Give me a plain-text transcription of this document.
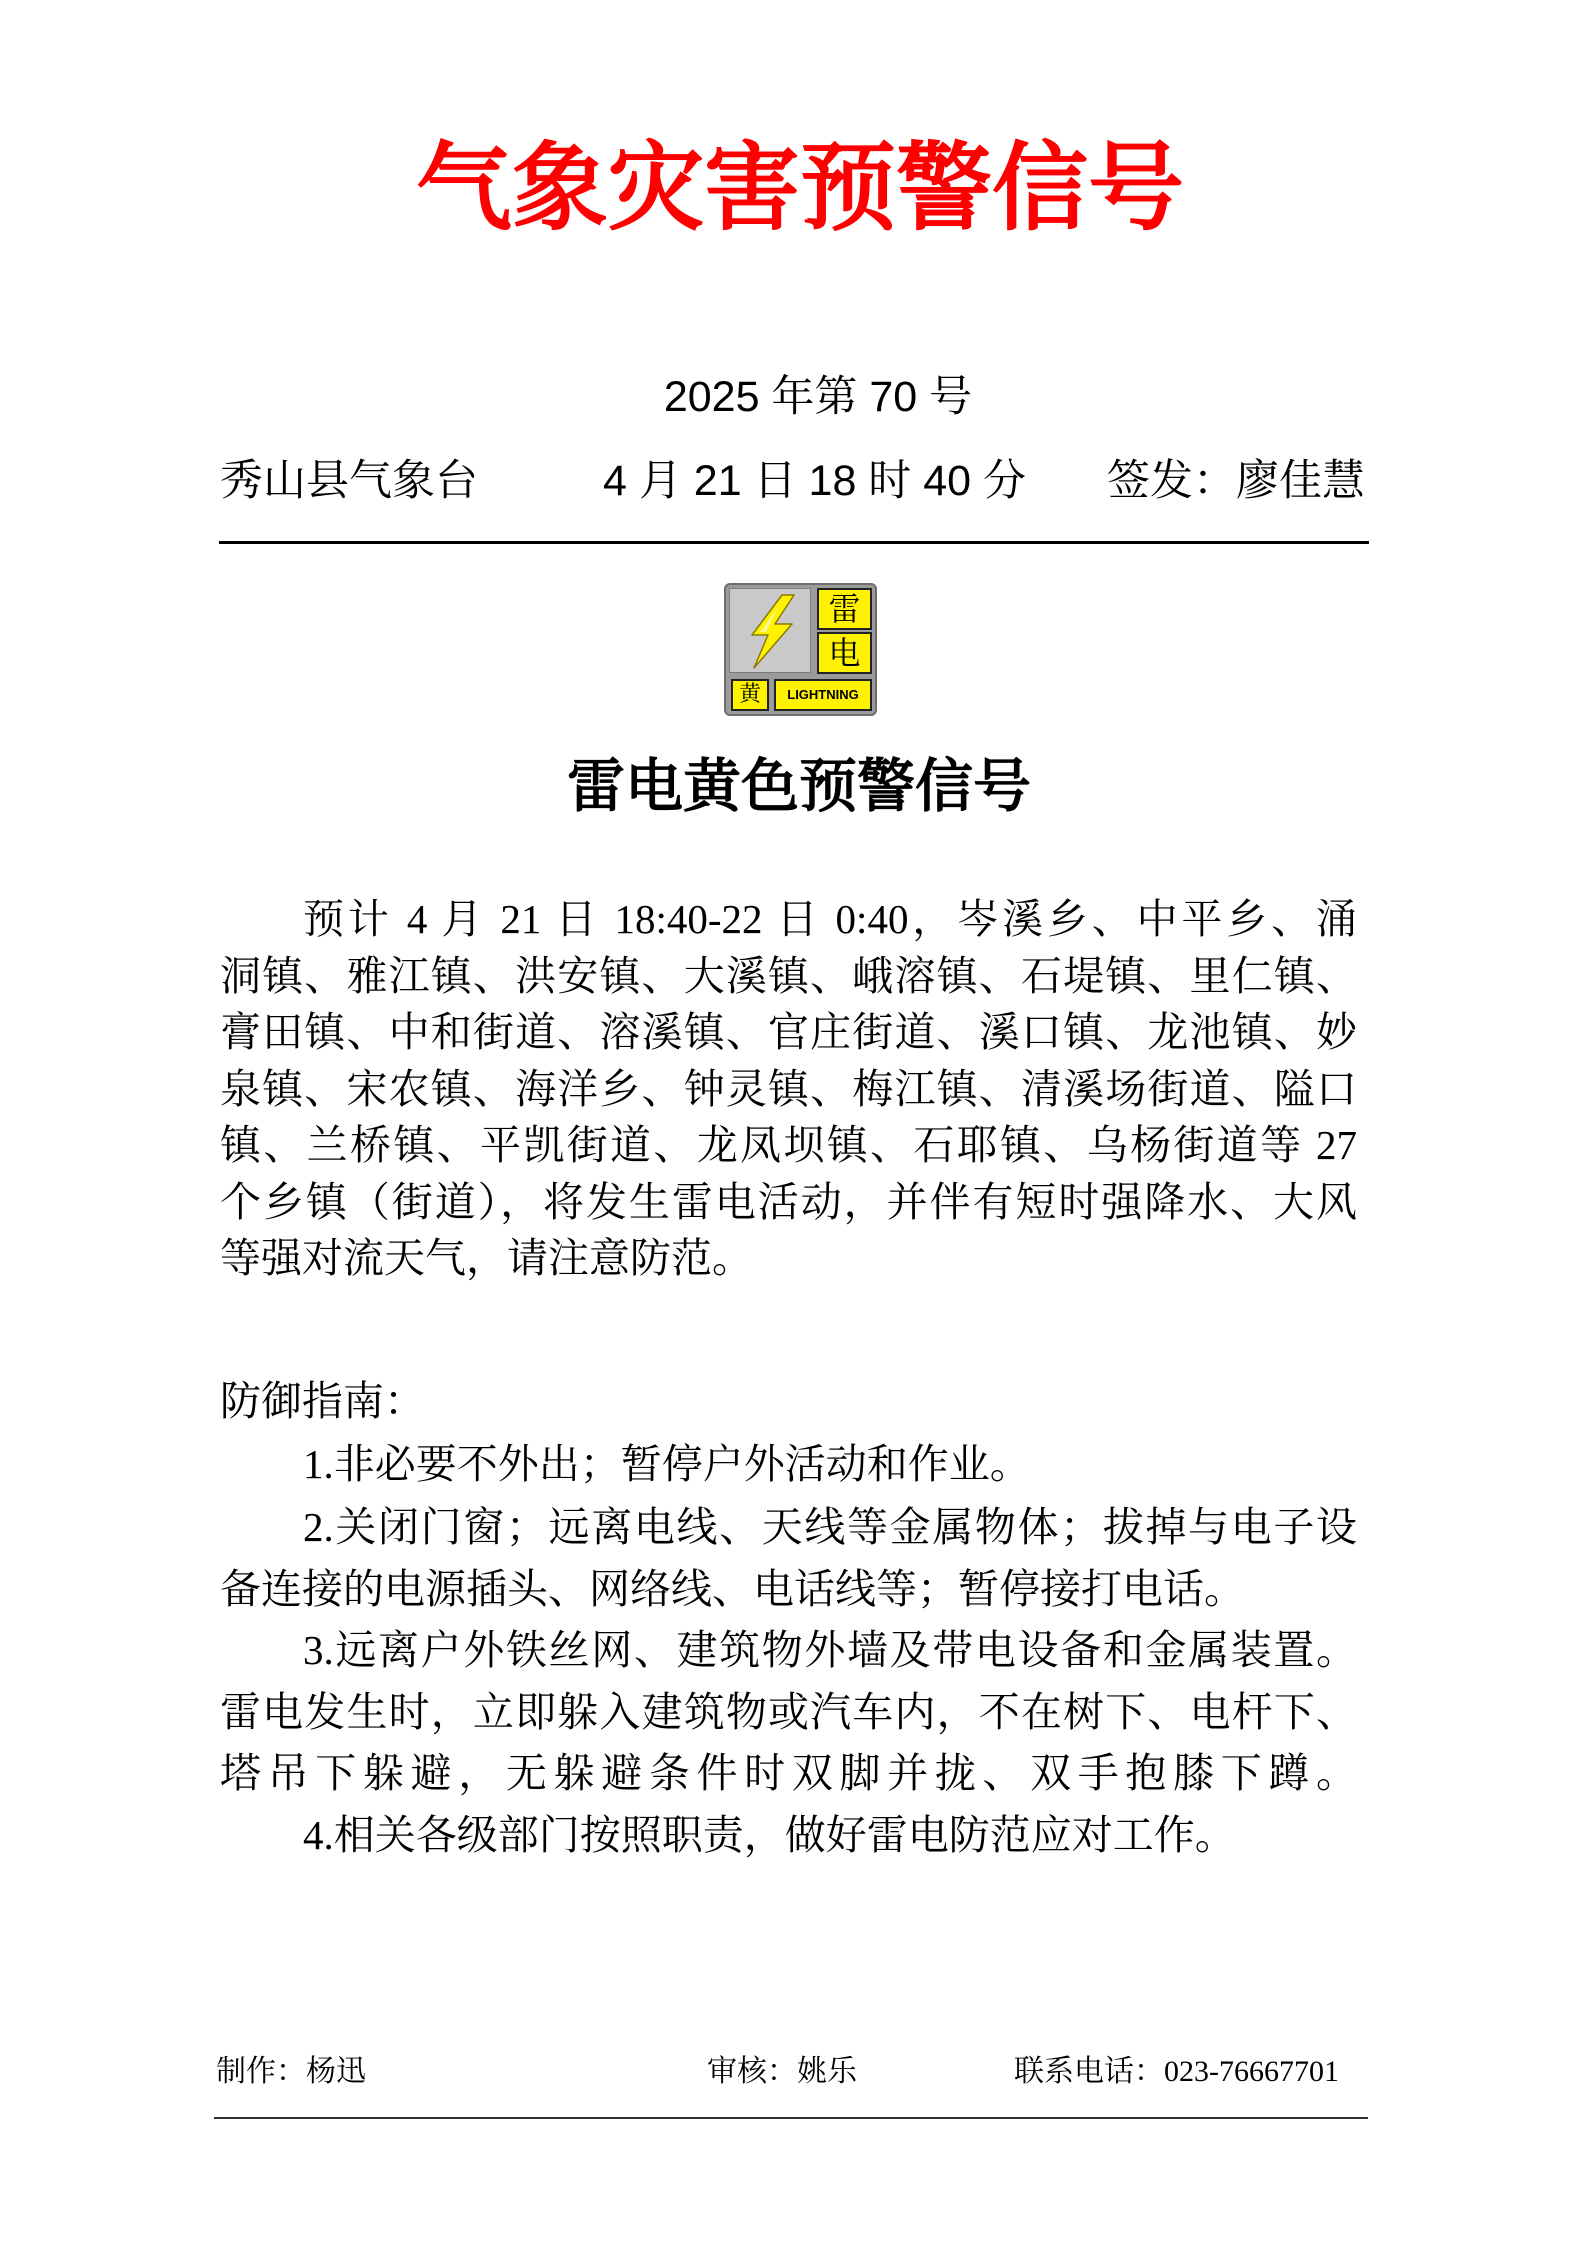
气象灾害预警信号
2025 年第 70 号
秀山县气象台	4 月 21 日 18 时 40 分 签发：廖佳慧
雷
电
黄	LIGHTNING
雷电黄色预警信号
预计 4 月 21 日 18:40-22 日 0:40，岑溪乡、中平乡、涌
洞镇、雅江镇、洪安镇、大溪镇、峨溶镇、石堤镇、里仁镇、
膏田镇、中和街道、溶溪镇、官庄街道、溪口镇、龙池镇、妙
泉镇、宋农镇、海洋乡、钟灵镇、梅江镇、清溪场街道、隘口
镇、兰桥镇、平凯街道、龙凤坝镇、石耶镇、乌杨街道等 27
个乡镇（街道），将发生雷电活动，并伴有短时强降水、大风
等强对流天气，请注意防范。
防御指南：
1.非必要不外出；暂停户外活动和作业。
2.关闭门窗；远离电线、天线等金属物体；拔掉与电子设
备连接的电源插头、网络线、电话线等；暂停接打电话。
3.远离户外铁丝网、建筑物外墙及带电设备和金属装置。
雷电发生时，立即躲入建筑物或汽车内，不在树下、电杆下、
塔吊下躲避，无躲避条件时双脚并拢、双手抱膝下蹲。
4.相关各级部门按照职责，做好雷电防范应对工作。
制作：杨迅	审核：姚乐	联系电话：023-76667701
